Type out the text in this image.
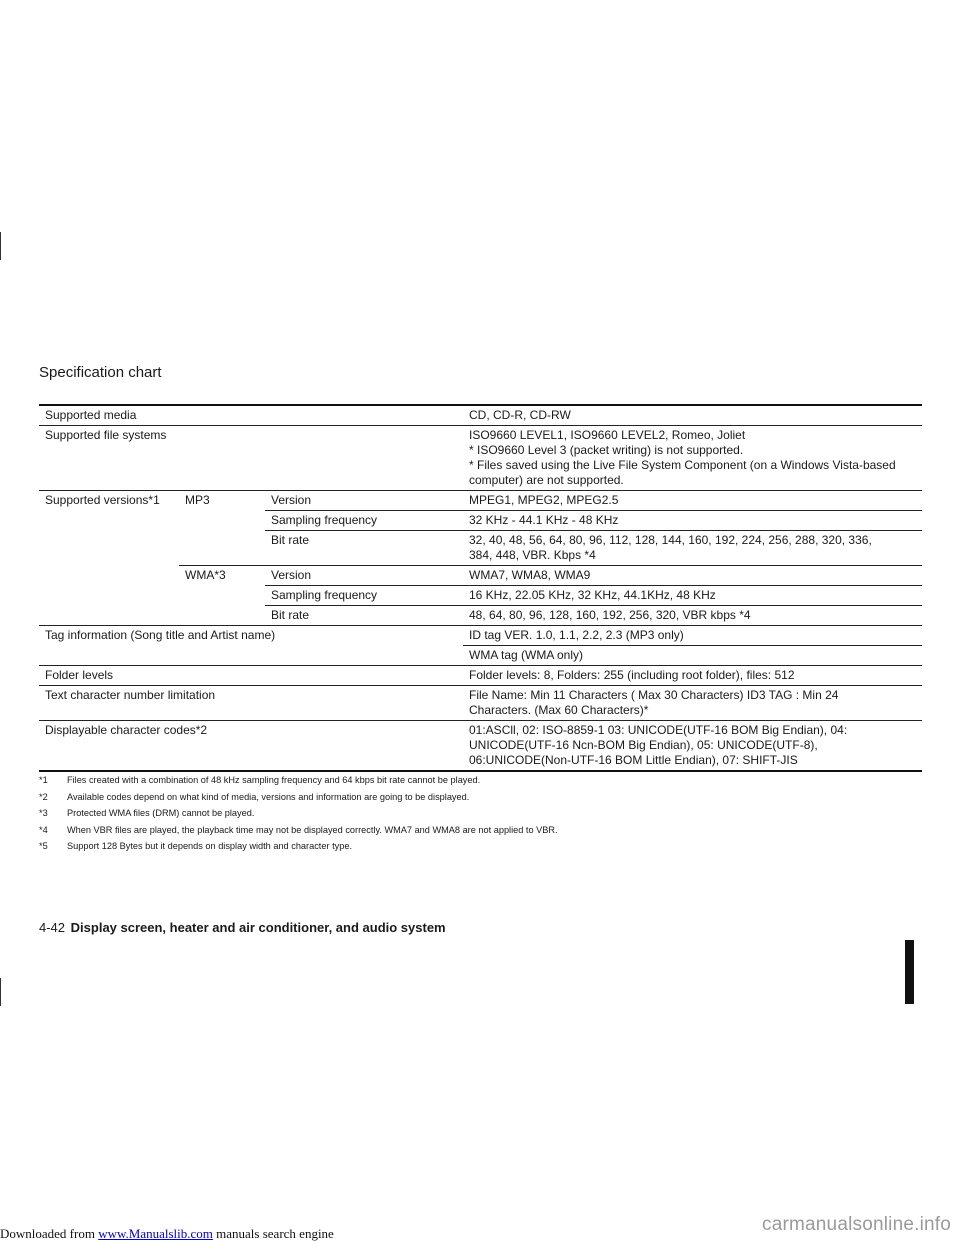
Specification chart
Supported media			CD, CD-R, CD-RW
Supported file systems			ISO9660 LEVEL1, ISO9660 LEVEL2, Romeo, Joliet
* ISO9660 Level 3 (packet writing) is not supported.
* Files saved using the Live File System Component (on a Windows Vista-based
computer) are not supported.

Supported versions*1	MP3	Version	MPEG1, MPEG2, MPEG2.5
		Sampling frequency	32 KHz - 44.1 KHz - 48 KHz
		Bit rate	32, 40, 48, 56, 64, 80, 96, 112, 128, 144, 160, 192, 224, 256, 288, 320, 336,
384, 448, VBR. Kbps *4

	WMA*3	Version	WMA7, WMA8, WMA9
		Sampling frequency	16 KHz, 22.05 KHz, 32 KHz, 44.1KHz, 48 KHz
		Bit rate	48, 64, 80, 96, 128, 160, 192, 256, 320, VBR kbps *4
Tag information (Song title and Artist name)			ID tag VER. 1.0, 1.1, 2.2, 2.3 (MP3 only)
			WMA tag (WMA only)
Folder levels			Folder levels: 8, Folders: 255 (including root folder), files: 512
Text character number limitation			File Name: Min 11 Characters ( Max 30 Characters) ID3 TAG : Min 24
Characters. (Max 60 Characters)*

Displayable character codes*2			01:ASCll, 02: ISO-8859-1 03: UNICODE(UTF-16 BOM Big Endian), 04:
UNICODE(UTF-16 Ncn-BOM Big Endian), 05: UNICODE(UTF-8),
06:UNICODE(Non-UTF-16 BOM Little Endian), 07: SHIFT-JIS
*1	Files created with a combination of 48 kHz sampling frequency and 64 kbps bit rate cannot be played.
*2	Available codes depend on what kind of media, versions and information are going to be displayed.
*3	Protected WMA files (DRM) cannot be played.
*4	When VBR files are played, the playback time may not be displayed correctly. WMA7 and WMA8 are not applied to VBR.
*5	Support 128 Bytes but it depends on display width and character type.
4-42 Display screen, heater and air conditioner, and audio system
Downloaded from www.Manualslib.com manuals search engine	carmanualsonline.info
